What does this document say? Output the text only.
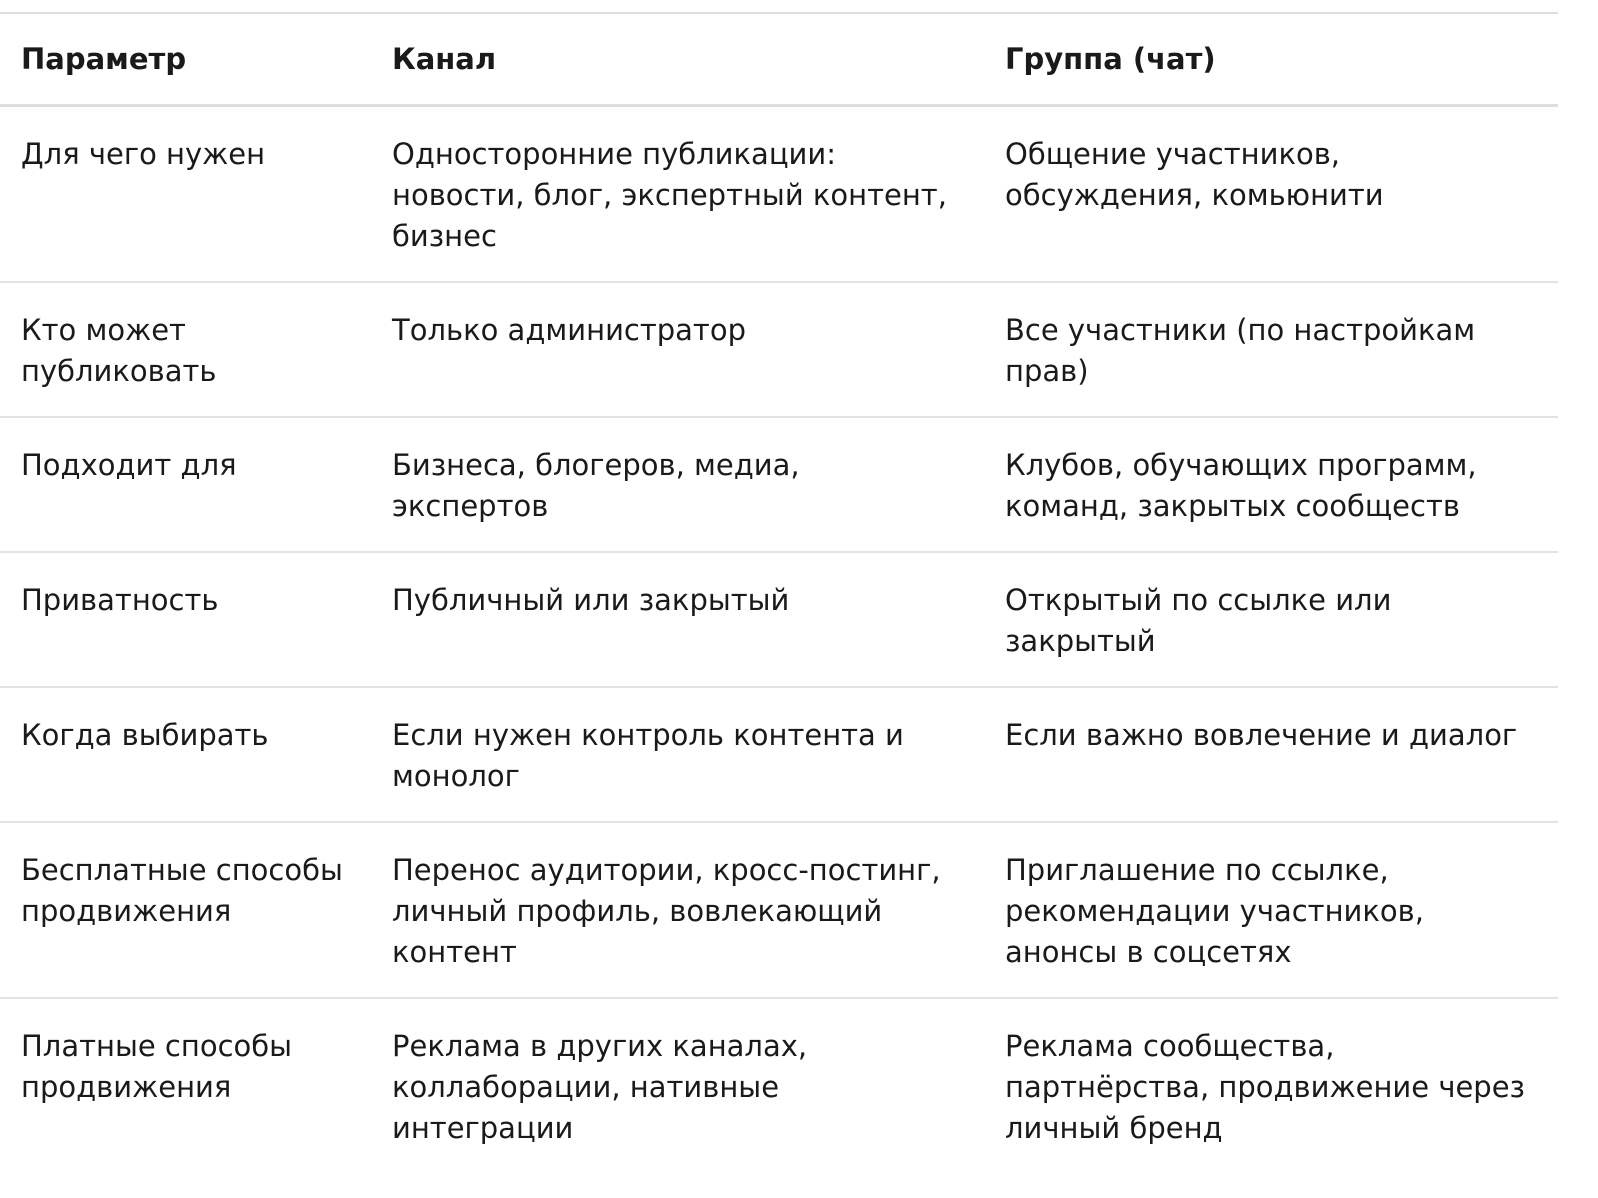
Параметр	Канал	Группа (чат)
Для чего нужен	Односторонние публикации: новости, блог, экспертный контент, бизнес	Общение участников, обсуждения, комьюнити
Кто может публиковать	Только администратор	Все участники (по настройкам прав)
Подходит для	Бизнеса, блогеров, медиа, экспертов	Клубов, обучающих программ, команд, закрытых сообществ
Приватность	Публичный или закрытый	Открытый по ссылке или закрытый
Когда выбирать	Если нужен контроль контента и монолог	Если важно вовлечение и диалог
Бесплатные способы продвижения	Перенос аудитории, кросс-постинг, личный профиль, вовлекающий контент	Приглашение по ссылке, рекомендации участников, анонсы в соцсетях
Платные способы продвижения	Реклама в других каналах, коллаборации, нативные интеграции	Реклама сообщества, партнёрства, продвижение через личный бренд
